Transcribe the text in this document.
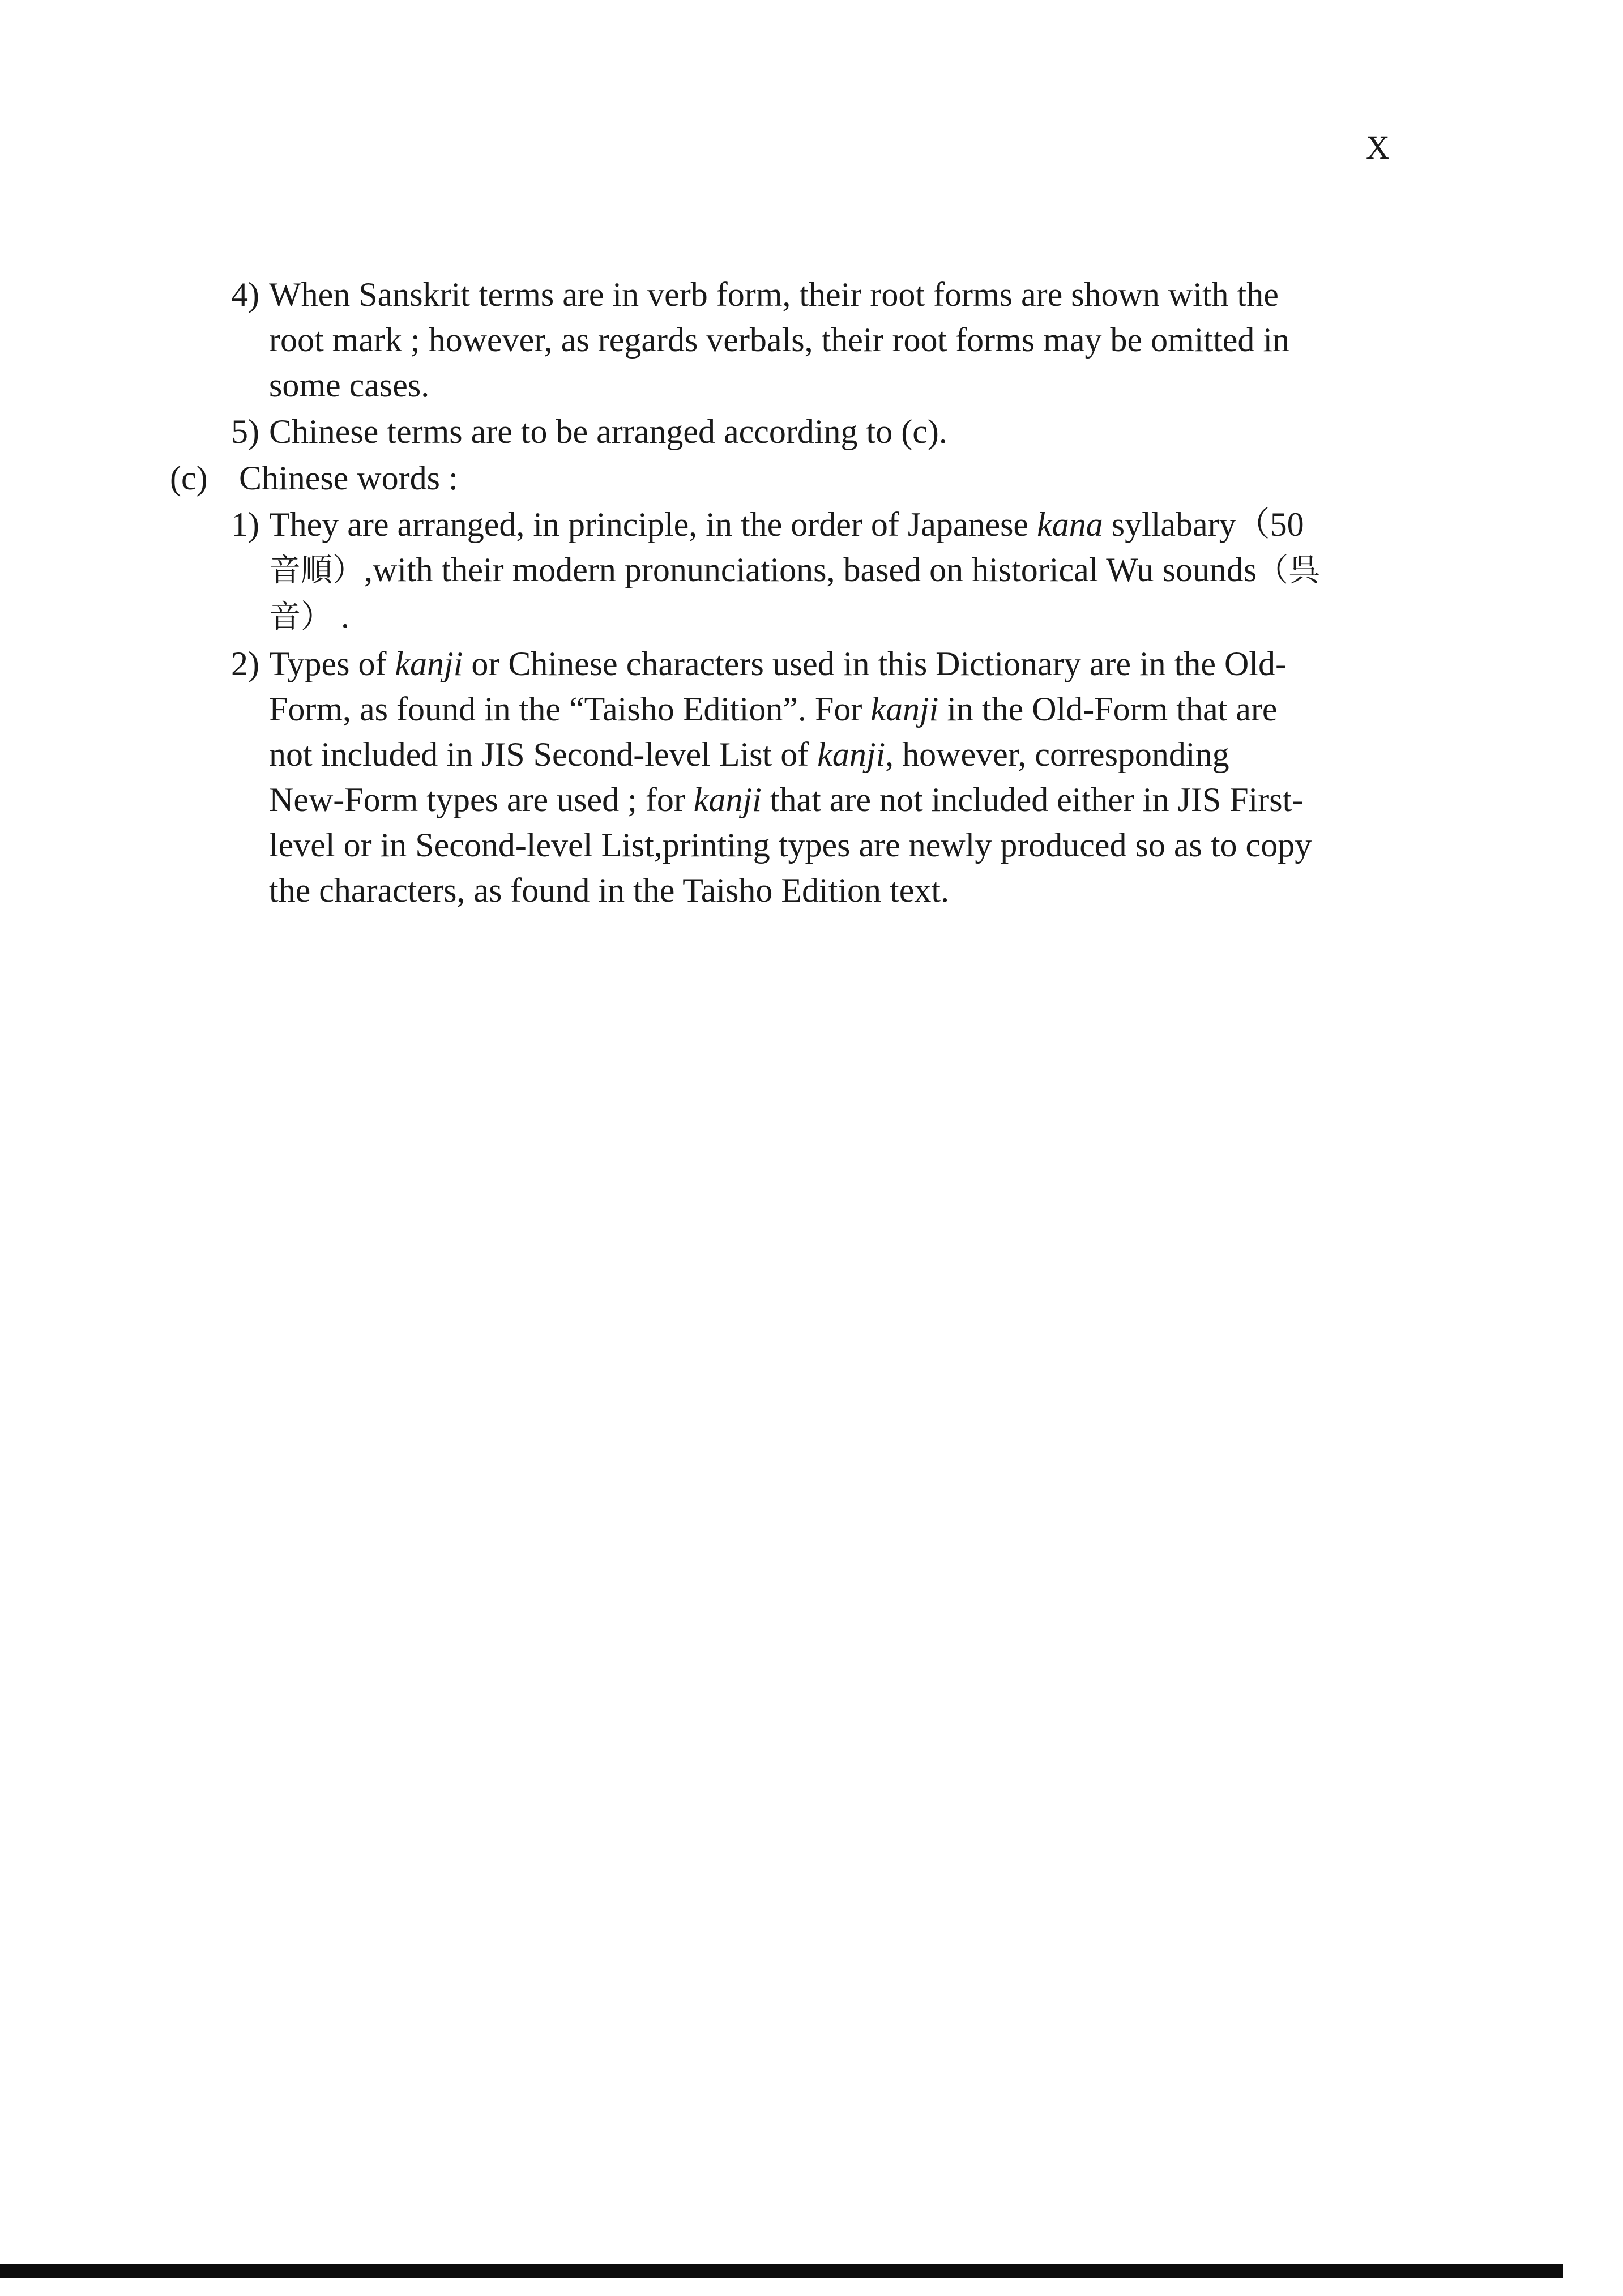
X
4) When Sanskrit terms are in verb form, their root forms are shown with the
root mark ; however, as regards verbals, their root forms may be omitted in
some cases.
5) Chinese terms are to be arranged according to (c).
(c) Chinese words :
1) They are arranged, in principle, in the order of Japanese kana syllabary（50
音順）,with their modern pronunciations, based on historical Wu sounds（呉
音） .
2) Types of kanji or Chinese characters used in this Dictionary are in the Old-
Form, as found in the “Taisho Edition”. For kanji in the Old-Form that are
not included in JIS Second-level List of kanji, however, corresponding
New-Form types are used ; for kanji that are not included either in JIS First-
level or in Second-level List,printing types are newly produced so as to copy
the characters, as found in the Taisho Edition text.
